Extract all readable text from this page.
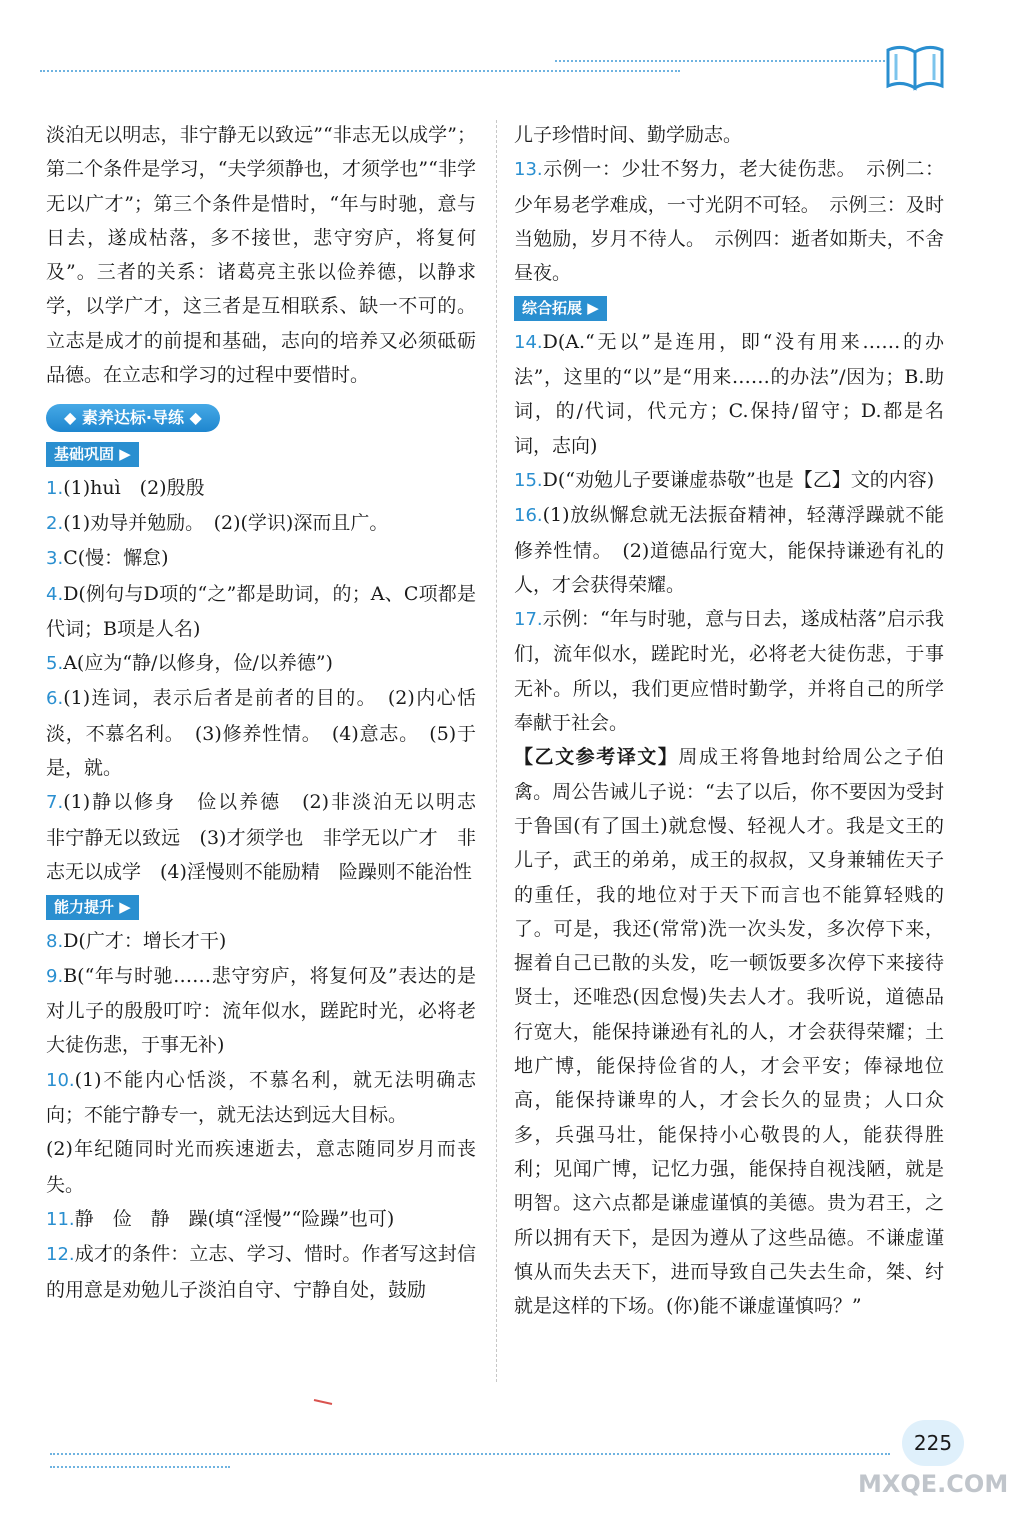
淡泊无以明志，非宁静无以致远”“非志无以成学”；第二个条件是学习，“夫学须静也，才须学也”“非学无以广才”；第三个条件是惜时，“年与时驰，意与日去，遂成枯落，多不接世，悲守穷庐，将复何及”。三者的关系：诸葛亮主张以俭养德，以静求学，以学广才，这三者是互相联系、缺一不可的。立志是成才的前提和基础，志向的培养又必须砥砺品德。在立志和学习的过程中要惜时。

◆ 素养达标·导练 ◆
基础巩固 ▶

1.(1)huì　(2)殷殷

2.(1)劝导并勉励。　(2)(学识)深而且广。

3.C(慢：懈怠)

4.D(例句与D项的“之”都是助词，的；A、C项都是代词；B项是人名)

5.A(应为“静/以修身，俭/以养德”)

6.(1)连词，表示后者是前者的目的。　(2)内心恬淡，不慕名利。　(3)修养性情。　(4)意志。　(5)于是，就。

7.(1)静以修身　俭以养德　(2)非淡泊无以明志　非宁静无以致远　(3)才须学也　非学无以广才　非志无以成学　(4)淫慢则不能励精　险躁则不能治性

能力提升 ▶

8.D(广才：增长才干)

9.B(“年与时驰……悲守穷庐，将复何及”表达的是对儿子的殷殷叮咛：流年似水，蹉跎时光，必将老大徒伤悲，于事无补)

10.(1)不能内心恬淡，不慕名利，就无法明确志向；不能宁静专一，就无法达到远大目标。

(2)年纪随同时光而疾速逝去，意志随同岁月而丧失。

11.静　俭　静　躁(填“淫慢”“险躁”也可)

12.成才的条件：立志、学习、惜时。作者写这封信的用意是劝勉儿子淡泊自守、宁静自处，鼓励

儿子珍惜时间、勤学励志。

13.示例一：少壮不努力，老大徒伤悲。　示例二：少年易老学难成，一寸光阴不可轻。　示例三：及时当勉励，岁月不待人。　示例四：逝者如斯夫，不舍昼夜。

综合拓展 ▶

14.D(A.“无以”是连用，即“没有用来……的办法”，这里的“以”是“用来……的办法”/因为；B.助词，的/代词，代元方；C.保持/留守；D.都是名词，志向)

15.D(“劝勉儿子要谦虚恭敬”也是【乙】文的内容)

16.(1)放纵懈怠就无法振奋精神，轻薄浮躁就不能修养性情。　(2)道德品行宽大，能保持谦逊有礼的人，才会获得荣耀。

17.示例：“年与时驰，意与日去，遂成枯落”启示我们，流年似水，蹉跎时光，必将老大徒伤悲，于事无补。所以，我们更应惜时勤学，并将自己的所学奉献于社会。

【乙文参考译文】周成王将鲁地封给周公之子伯禽。周公告诫儿子说：“去了以后，你不要因为受封于鲁国(有了国土)就怠慢、轻视人才。我是文王的儿子，武王的弟弟，成王的叔叔，又身兼辅佐天子的重任，我的地位对于天下而言也不能算轻贱的了。可是，我还(常常)洗一次头发，多次停下来，握着自己已散的头发，吃一顿饭要多次停下来接待贤士，还唯恐(因怠慢)失去人才。我听说，道德品行宽大，能保持谦逊有礼的人，才会获得荣耀；土地广博，能保持俭省的人，才会平安；俸禄地位高，能保持谦卑的人，才会长久的显贵；人口众多，兵强马壮，能保持小心敬畏的人，能获得胜利；见闻广博，记忆力强，能保持自视浅陋，就是明智。这六点都是谦虚谨慎的美德。贵为君王，之所以拥有天下，是因为遵从了这些品德。不谦虚谨慎从而失去天下，进而导致自己失去生命，桀、纣就是这样的下场。(你)能不谦虚谨慎吗？”

225
MXQE.COM
